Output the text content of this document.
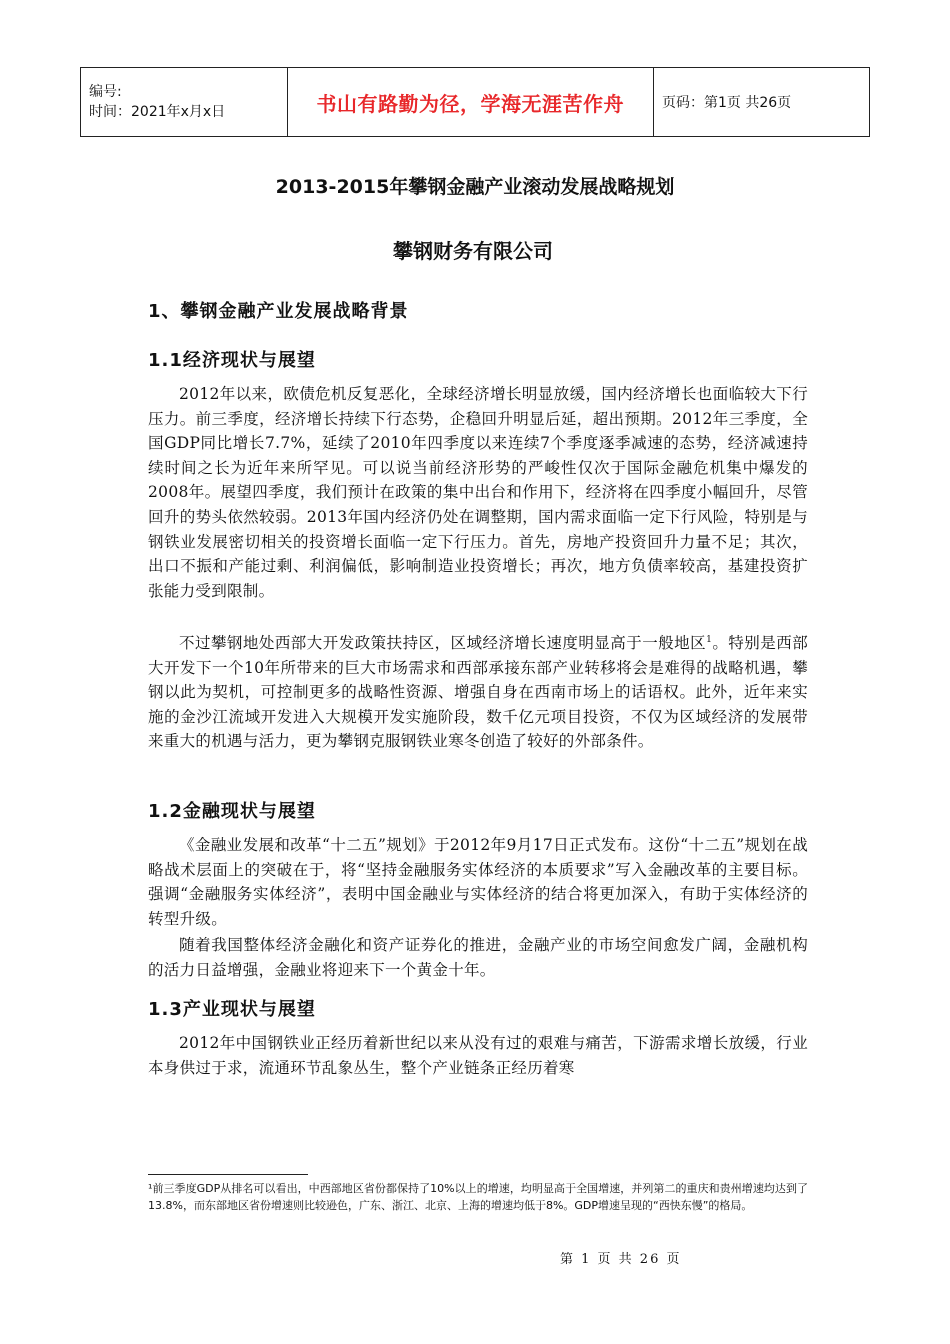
编号:
时间：2021年x月x日	书山有路勤为径，学海无涯苦作舟	页码：第1页 共26页
2013-2015年攀钢金融产业滚动发展战略规划
攀钢财务有限公司
1、攀钢金融产业发展战略背景
1.1经济现状与展望

2012年以来，欧债危机反复恶化，全球经济增长明显放缓，国内经济增长也面临较大下行压力。前三季度，经济增长持续下行态势，企稳回升明显后延，超出预期。2012年三季度，全国GDP同比增长7.7%，延续了2010年四季度以来连续7个季度逐季减速的态势，经济减速持续时间之长为近年来所罕见。可以说当前经济形势的严峻性仅次于国际金融危机集中爆发的2008年。展望四季度，我们预计在政策的集中出台和作用下，经济将在四季度小幅回升，尽管回升的势头依然较弱。2013年国内经济仍处在调整期，国内需求面临一定下行风险，特别是与钢铁业发展密切相关的投资增长面临一定下行压力。首先，房地产投资回升力量不足；其次，出口不振和产能过剩、利润偏低，影响制造业投资增长；再次，地方负债率较高，基建投资扩张能力受到限制。

不过攀钢地处西部大开发政策扶持区，区域经济增长速度明显高于一般地区$^1$。特别是西部大开发下一个10年所带来的巨大市场需求和西部承接东部产业转移将会是难得的战略机遇，攀钢以此为契机，可控制更多的战略性资源、增强自身在西南市场上的话语权。此外，近年来实施的金沙江流域开发进入大规模开发实施阶段，数千亿元项目投资，不仅为区域经济的发展带来重大的机遇与活力，更为攀钢克服钢铁业寒冬创造了较好的外部条件。

1.2金融现状与展望

《金融业发展和改革“十二五”规划》于2012年9月17日正式发布。这份“十二五”规划在战略战术层面上的突破在于，将“坚持金融服务实体经济的本质要求”写入金融改革的主要目标。强调“金融服务实体经济”，表明中国金融业与实体经济的结合将更加深入，有助于实体经济的转型升级。

随着我国整体经济金融化和资产证券化的推进，金融产业的市场空间愈发广阔，金融机构的活力日益增强，金融业将迎来下一个黄金十年。

1.3产业现状与展望

2012年中国钢铁业正经历着新世纪以来从没有过的艰难与痛苦，下游需求增长放缓，行业本身供过于求，流通环节乱象丛生，整个产业链条正经历着寒

¹前三季度GDP从排名可以看出，中西部地区省份都保持了10%以上的增速，均明显高于全国增速，并列第二的重庆和贵州增速均达到了13.8%，而东部地区省份增速则比较逊色，广东、浙江、北京、上海的增速均低于8%。GDP增速呈现的“西快东慢”的格局。
第 1 页 共 26 页
